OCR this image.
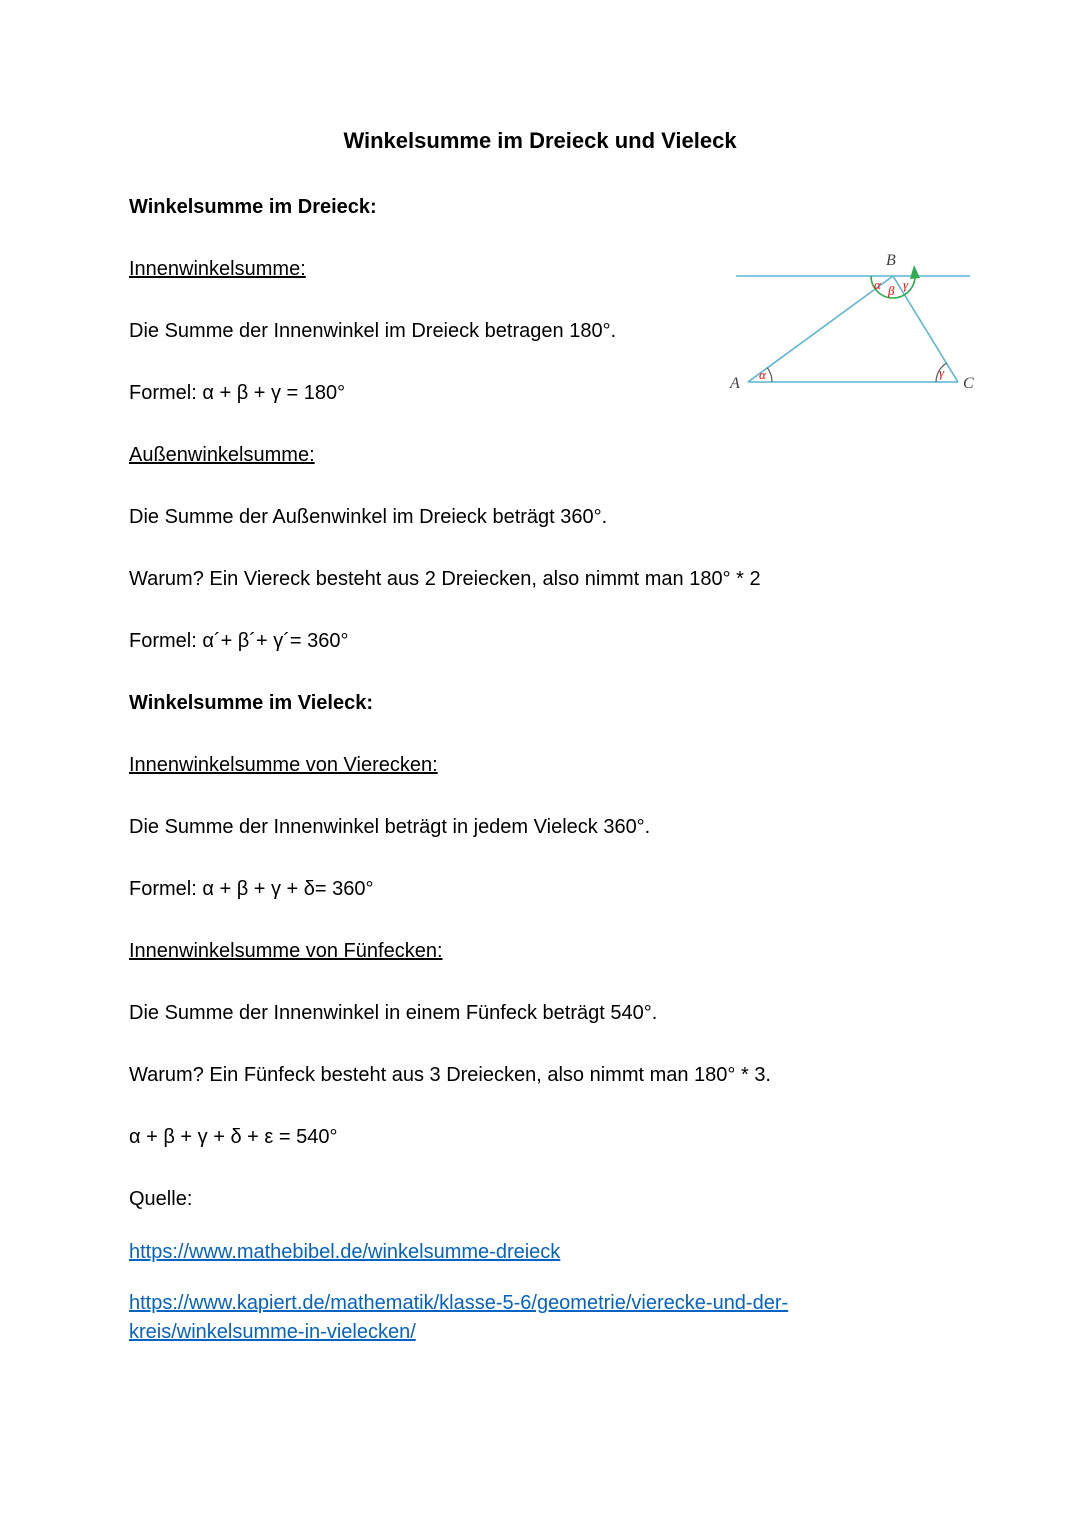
Winkelsumme im Dreieck und Vieleck

Winkelsumme im Dreieck:

Innenwinkelsumme:

Die Summe der Innenwinkel im Dreieck betragen 180°.

Formel: α + β + γ = 180°

Außenwinkelsumme:

Die Summe der Außenwinkel im Dreieck beträgt 360°.

Warum? Ein Viereck besteht aus 2 Dreiecken, also nimmt man 180° * 2

Formel: α´+ β´+ γ´= 360°

Winkelsumme im Vieleck:

Innenwinkelsumme von Vierecken:

Die Summe der Innenwinkel beträgt in jedem Vieleck 360°.

Formel: α + β + γ + δ= 360°

Innenwinkelsumme von Fünfecken:

Die Summe der Innenwinkel in einem Fünfeck beträgt 540°.

Warum? Ein Fünfeck besteht aus 3 Dreiecken, also nimmt man 180° * 3.

α + β + γ + δ + ε = 540°

Quelle:

https://www.mathebibel.de/winkelsumme-dreieck

https://www.kapiert.de/mathematik/klasse-5-6/geometrie/vierecke-und-der-kreis/winkelsumme-in-vielecken/

B
A	C
α β γ
α	γ
